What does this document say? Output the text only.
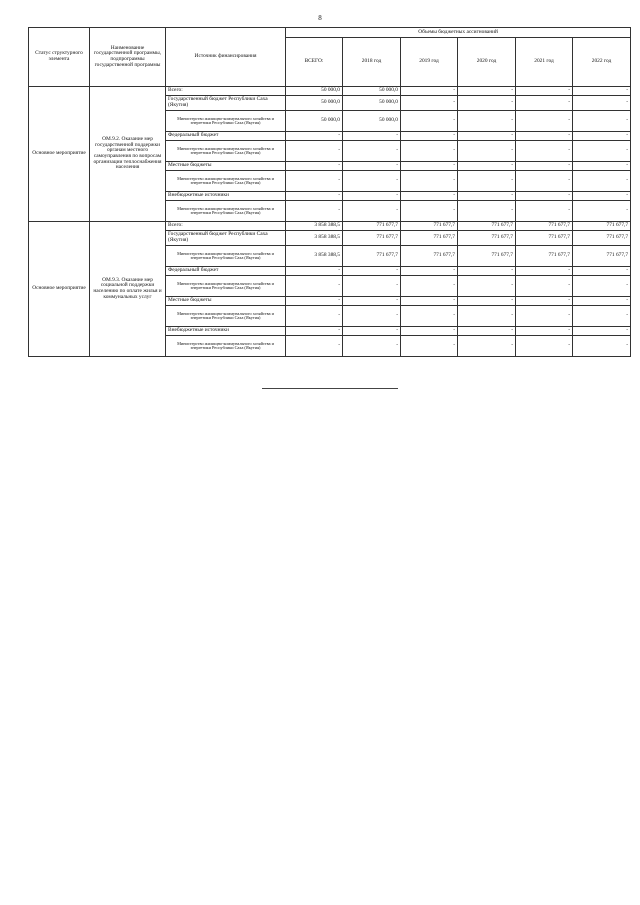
8
Статус структурного элемента	Наименование государственной программы, подпрограммы государственной программы	Источник финансирования	Объемы бюджетных ассигнований					
			ВСЕГО:	2018 год	2019 год	2020 год	2021 год	2022 год
Основное мероприятие	ОМ.9.2. Оказание мер государственной поддержки органам местного самоуправления по вопросам организации теплоснабжения населения	Всего:	50 000,0	50 000,0	-	-	-	-
		Государственный бюджет Республики Саха (Якутия)	50 000,0	50 000,0	-	-	-	-
		Министерство жилищно-коммунального хозяйства и энергетики Республики Саха (Якутия)	50 000,0	50 000,0	-	-	-	-
		Федеральный бюджет	-	-	-	-	-	-
		Министерство жилищно-коммунального хозяйства и энергетики Республики Саха (Якутия)	-	-	-	-	-	-
		Местные бюджеты	-	-	-	-	-	-
		Министерство жилищно-коммунального хозяйства и энергетики Республики Саха (Якутия)	-	-	-	-	-	-
		Внебюджетные источники	-	-	-	-	-	-
		Министерство жилищно-коммунального хозяйства и энергетики Республики Саха (Якутия)	-	-	-	-	-	-
Основное мероприятие	ОМ.9.3. Оказание мер социальной поддержки населению по оплате жилья и коммунальных услуг	Всего:	3 858 388,5	771 677,7	771 677,7	771 677,7	771 677,7	771 677,7
		Государственный бюджет Республики Саха (Якутия)	3 858 388,5	771 677,7	771 677,7	771 677,7	771 677,7	771 677,7
		Министерство жилищно-коммунального хозяйства и энергетики Республики Саха (Якутия)	3 858 388,5	771 677,7	771 677,7	771 677,7	771 677,7	771 677,7
		Федеральный бюджет	-	-	-	-	-	-
		Министерство жилищно-коммунального хозяйства и энергетики Республики Саха (Якутия)	-	-	-	-	-	-
		Местные бюджеты	-	-	-	-	-	-
		Министерство жилищно-коммунального хозяйства и энергетики Республики Саха (Якутия)	-	-	-	-	-	-
		Внебюджетные источники	-	-	-	-	-	-
		Министерство жилищно-коммунального хозяйства и энергетики Республики Саха (Якутия)	-	-	-	-	-	-
